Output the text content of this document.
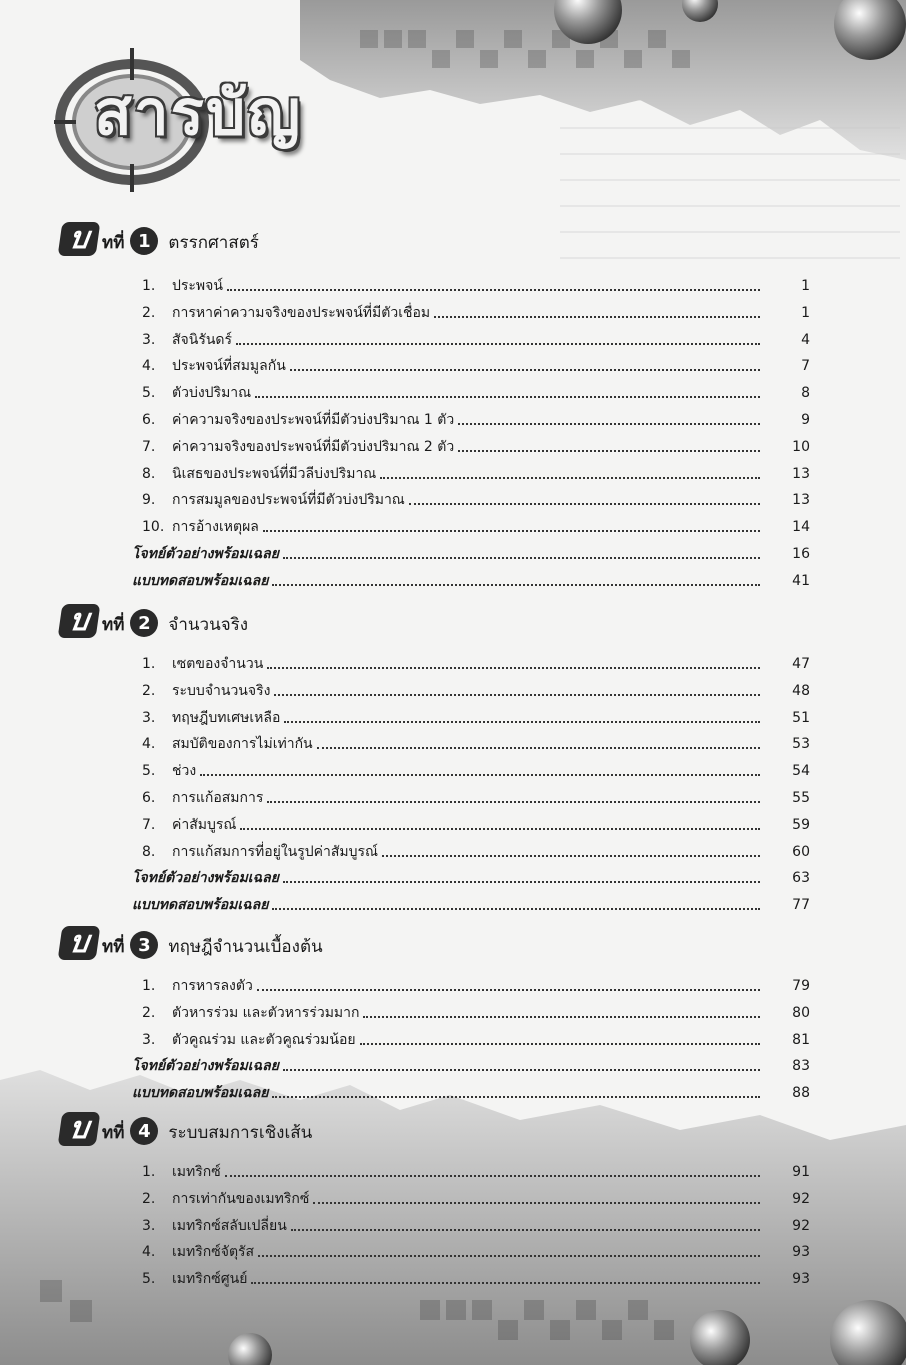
สารบัญ
บ ทที่ 1	ตรรกศาสตร์
1. ประพจน์	1
2. การหาค่าความจริงของประพจน์ที่มีตัวเชื่อม	1
3. สัจนิรันดร์	4
4. ประพจน์ที่สมมูลกัน	7
5. ตัวบ่งปริมาณ	8
6. ค่าความจริงของประพจน์ที่มีตัวบ่งปริมาณ 1 ตัว	9
7. ค่าความจริงของประพจน์ที่มีตัวบ่งปริมาณ 2 ตัว	10
8. นิเสธของประพจน์ที่มีวลีบ่งปริมาณ	13
9. การสมมูลของประพจน์ที่มีตัวบ่งปริมาณ	13
10. การอ้างเหตุผล	14
โจทย์ตัวอย่างพร้อมเฉลย	16
แบบทดสอบพร้อมเฉลย	41
บ ทที่ 2	จำนวนจริง
1. เซตของจำนวน	47
2. ระบบจำนวนจริง	48
3. ทฤษฎีบทเศษเหลือ	51
4. สมบัติของการไม่เท่ากัน	53
5. ช่วง	54
6. การแก้อสมการ	55
7. ค่าสัมบูรณ์	59
8. การแก้สมการที่อยู่ในรูปค่าสัมบูรณ์	60
โจทย์ตัวอย่างพร้อมเฉลย	63
แบบทดสอบพร้อมเฉลย	77
บ ทที่ 3	ทฤษฎีจำนวนเบื้องต้น
1. การหารลงตัว	79
2. ตัวหารร่วม และตัวหารร่วมมาก	80
3. ตัวคูณร่วม และตัวคูณร่วมน้อย	81
โจทย์ตัวอย่างพร้อมเฉลย	83
แบบทดสอบพร้อมเฉลย	88
บ ทที่ 4	ระบบสมการเชิงเส้น
1. เมทริกซ์	91
2. การเท่ากันของเมทริกซ์	92
3. เมทริกซ์สลับเปลี่ยน	92
4. เมทริกซ์จัตุรัส	93
5. เมทริกซ์ศูนย์	93
